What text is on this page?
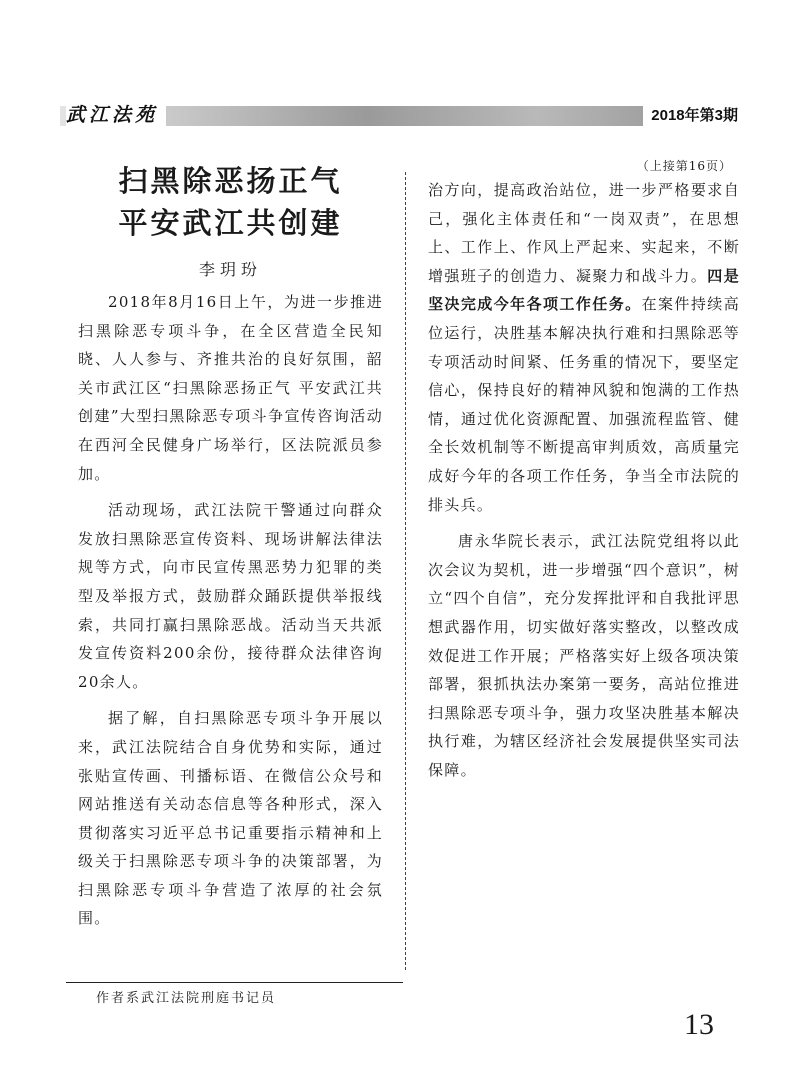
武江法苑	2018年第3期
扫黑除恶扬正气
平安武江共创建
李玥玢

2018年8月16日上午，为进一步推进扫黑除恶专项斗争，在全区营造全民知晓、人人参与、齐推共治的良好氛围，韶关市武江区“扫黑除恶扬正气 平安武江共创建”大型扫黑除恶专项斗争宣传咨询活动在西河全民健身广场举行，区法院派员参加。

活动现场，武江法院干警通过向群众发放扫黑除恶宣传资料、现场讲解法律法规等方式，向市民宣传黑恶势力犯罪的类型及举报方式，鼓励群众踊跃提供举报线索，共同打赢扫黑除恶战。活动当天共派发宣传资料200余份，接待群众法律咨询20余人。

据了解，自扫黑除恶专项斗争开展以来，武江法院结合自身优势和实际，通过张贴宣传画、刊播标语、在微信公众号和网站推送有关动态信息等各种形式，深入贯彻落实习近平总书记重要指示精神和上级关于扫黑除恶专项斗争的决策部署，为扫黑除恶专项斗争营造了浓厚的社会氛围。

（上接第16页）

治方向，提高政治站位，进一步严格要求自己，强化主体责任和“一岗双责”，在思想上、工作上、作风上严起来、实起来，不断增强班子的创造力、凝聚力和战斗力。四是坚决完成今年各项工作任务。在案件持续高位运行，决胜基本解决执行难和扫黑除恶等专项活动时间紧、任务重的情况下，要坚定信心，保持良好的精神风貌和饱满的工作热情，通过优化资源配置、加强流程监管、健全长效机制等不断提高审判质效，高质量完成好今年的各项工作任务，争当全市法院的排头兵。

唐永华院长表示，武江法院党组将以此次会议为契机，进一步增强“四个意识”，树立“四个自信”，充分发挥批评和自我批评思想武器作用，切实做好落实整改，以整改成效促进工作开展；严格落实好上级各项决策部署，狠抓执法办案第一要务，高站位推进扫黑除恶专项斗争，强力攻坚决胜基本解决执行难，为辖区经济社会发展提供坚实司法保障。

作者系武江法院刑庭书记员
13
